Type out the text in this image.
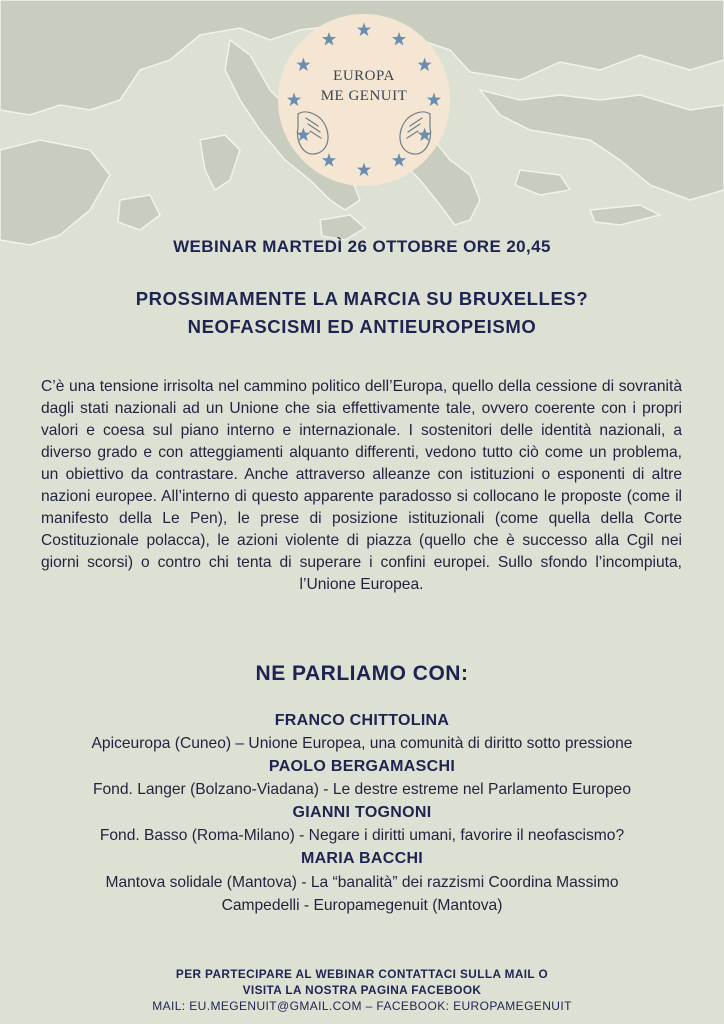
EUROPA
ME GENUIT
WEBINAR MARTEDÌ 26 OTTOBRE ORE 20,45
PROSSIMAMENTE LA MARCIA SU BRUXELLES?
NEOFASCISMI ED ANTIEUROPEISMO
C’è una tensione irrisolta nel cammino politico dell’Europa, quello della cessione di sovranità dagli stati nazionali ad un Unione che sia effettivamente tale, ovvero coerente con i propri valori e coesa sul piano interno e internazionale. I sostenitori delle identità nazionali, a diverso grado e con atteggiamenti alquanto differenti, vedono tutto ciò come un problema, un obiettivo da contrastare. Anche attraverso alleanze con istituzioni o esponenti di altre nazioni europee. All’interno di questo apparente paradosso si collocano le proposte (come il manifesto della Le Pen), le prese di posizione istituzionali (come quella della Corte Costituzionale polacca), le azioni violente di piazza (quello che è successo alla Cgil nei giorni scorsi) o contro chi tenta di superare i confini europei. Sullo sfondo l’incompiuta, l’Unione Europea.
NE PARLIAMO CON:
FRANCO CHITTOLINA
Apiceuropa (Cuneo) – Unione Europea, una comunità di diritto sotto pressione
PAOLO BERGAMASCHI
Fond. Langer (Bolzano-Viadana) - Le destre estreme nel Parlamento Europeo
GIANNI TOGNONI
Fond. Basso (Roma-Milano) - Negare i diritti umani, favorire il neofascismo?
MARIA BACCHI
Mantova solidale (Mantova) - La “banalità” dei razzismi Coordina Massimo
Campedelli - Europamegenuit (Mantova)
PER PARTECIPARE AL WEBINAR CONTATTACI SULLA MAIL O
VISITA LA NOSTRA PAGINA FACEBOOK
MAIL: EU.MEGENUIT@GMAIL.COM – FACEBOOK: EUROPAMEGENUIT
